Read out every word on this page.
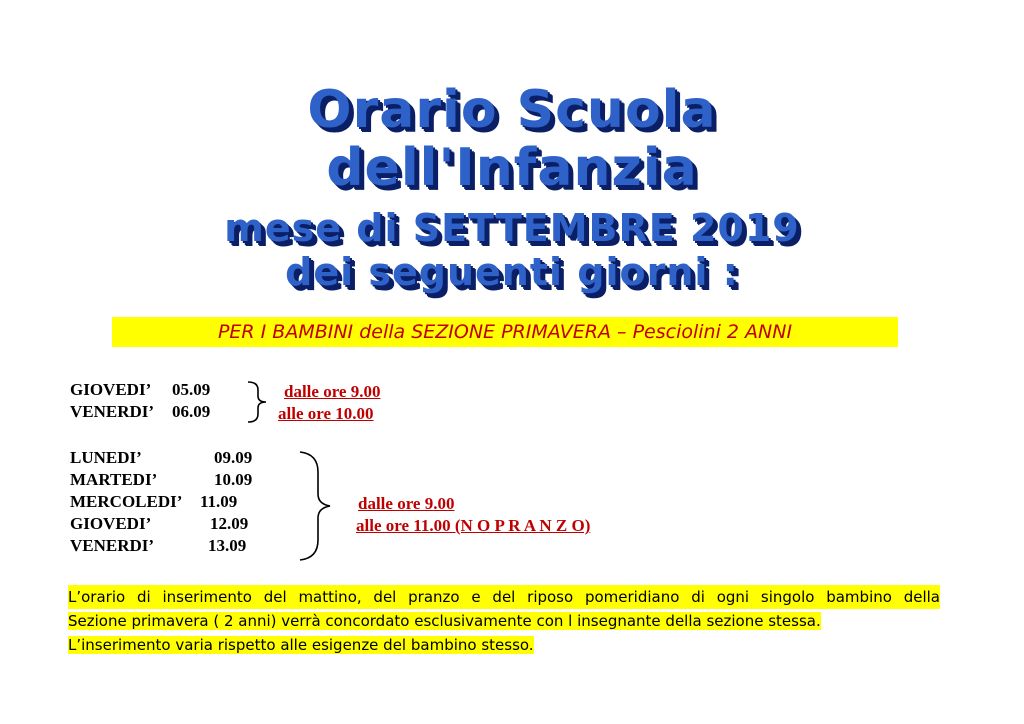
Orario Scuola
dell'Infanzia
mese di SETTEMBRE 2019
dei seguenti giorni :
PER I BAMBINI della SEZIONE PRIMAVERA – Pesciolini 2 ANNI
GIOVEDI’ 05.09
VENERDI’ 06.09
dalle ore 9.00
alle ore 10.00
LUNEDI’	09.09
MARTEDI’	10.09
MERCOLEDI’ 11.09
GIOVEDI’	12.09
VENERDI’	13.09
dalle ore 9.00
alle ore 11.00 (N O P R A N Z O)
L’orario di inserimento del mattino, del pranzo e del riposo pomeridiano di ogni singolo bambino della
Sezione primavera ( 2 anni) verrà concordato esclusivamente con l insegnante della sezione stessa.
L’inserimento varia rispetto alle esigenze del bambino stesso.
